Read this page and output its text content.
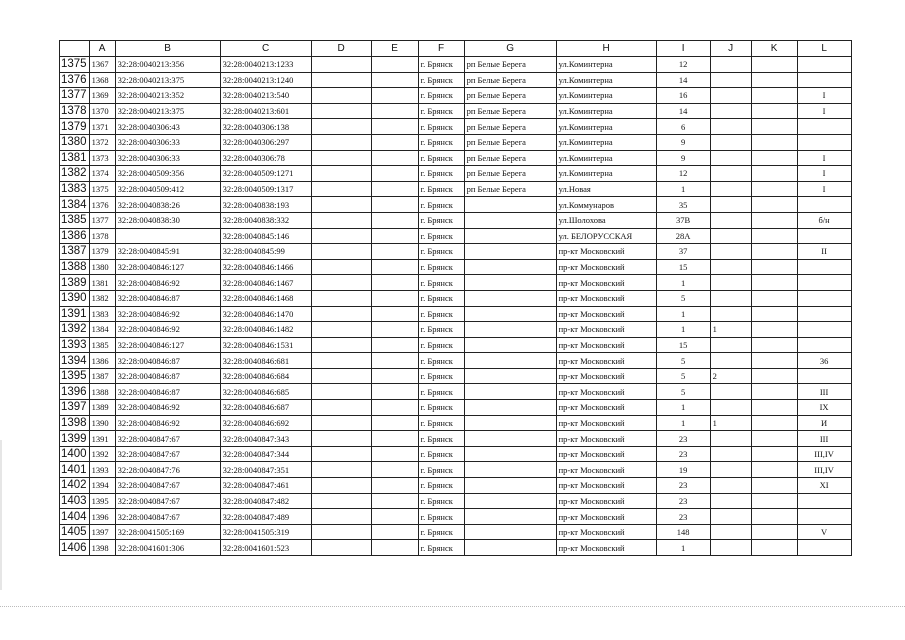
	A	B	C	D	E	F	G	H	I	J	K	L
1375	1367	32:28:0040213:356	32:28:0040213:1233			г. Брянск	рп Белые Берега	ул.Коминтерна	12			
1376	1368	32:28:0040213:375	32:28:0040213:1240			г. Брянск	рп Белые Берега	ул.Коминтерна	14			
1377	1369	32:28:0040213:352	32:28:0040213:540			г. Брянск	рп Белые Берега	ул.Коминтерна	16			I
1378	1370	32:28:0040213:375	32:28:0040213:601			г. Брянск	рп Белые Берега	ул.Коминтерна	14			I
1379	1371	32:28:0040306:43	32:28:0040306:138			г. Брянск	рп Белые Берега	ул.Коминтерна	6			
1380	1372	32:28:0040306:33	32:28:0040306:297			г. Брянск	рп Белые Берега	ул.Коминтерна	9			
1381	1373	32:28:0040306:33	32:28:0040306:78			г. Брянск	рп Белые Берега	ул.Коминтерна	9			I
1382	1374	32:28:0040509:356	32:28:0040509:1271			г. Брянск	рп Белые Берега	ул.Коминтерна	12			I
1383	1375	32:28:0040509:412	32:28:0040509:1317			г. Брянск	рп Белые Берега	ул.Новая	1			I
1384	1376	32:28:0040838:26	32:28:0040838:193			г. Брянск		ул.Коммунаров	35			
1385	1377	32:28:0040838:30	32:28:0040838:332			г. Брянск		ул.Шолохова	37В			б/н
1386	1378		32:28:0040845:146			г. Брянск		ул. БЕЛОРУССКАЯ	28А			
1387	1379	32:28:0040845:91	32:28:0040845:99			г. Брянск		пр-кт Московский	37			II
1388	1380	32:28:0040846:127	32:28:0040846:1466			г. Брянск		пр-кт Московский	15			
1389	1381	32:28:0040846:92	32:28:0040846:1467			г. Брянск		пр-кт Московский	1			
1390	1382	32:28:0040846:87	32:28:0040846:1468			г. Брянск		пр-кт Московский	5			
1391	1383	32:28:0040846:92	32:28:0040846:1470			г. Брянск		пр-кт Московский	1			
1392	1384	32:28:0040846:92	32:28:0040846:1482			г. Брянск		пр-кт Московский	1	1		
1393	1385	32:28:0040846:127	32:28:0040846:1531			г. Брянск		пр-кт Московский	15			
1394	1386	32:28:0040846:87	32:28:0040846:681			г. Брянск		пр-кт Московский	5			36
1395	1387	32:28:0040846:87	32:28:0040846:684			г. Брянск		пр-кт Московский	5	2		
1396	1388	32:28:0040846:87	32:28:0040846:685			г. Брянск		пр-кт Московский	5			III
1397	1389	32:28:0040846:92	32:28:0040846:687			г. Брянск		пр-кт Московский	1			IX
1398	1390	32:28:0040846:92	32:28:0040846:692			г. Брянск		пр-кт Московский	1	1		И
1399	1391	32:28:0040847:67	32:28:0040847:343			г. Брянск		пр-кт Московский	23			III
1400	1392	32:28:0040847:67	32:28:0040847:344			г. Брянск		пр-кт Московский	23			III,IV
1401	1393	32:28:0040847:76	32:28:0040847:351			г. Брянск		пр-кт Московский	19			III,IV
1402	1394	32:28:0040847:67	32:28:0040847:461			г. Брянск		пр-кт Московский	23			XI
1403	1395	32:28:0040847:67	32:28:0040847:482			г. Брянск		пр-кт Московский	23			
1404	1396	32:28:0040847:67	32:28:0040847:489			г. Брянск		пр-кт Московский	23			
1405	1397	32:28:0041505:169	32:28:0041505:319			г. Брянск		пр-кт Московский	148			V
1406	1398	32:28:0041601:306	32:28:0041601:523			г. Брянск		пр-кт Московский	1			
